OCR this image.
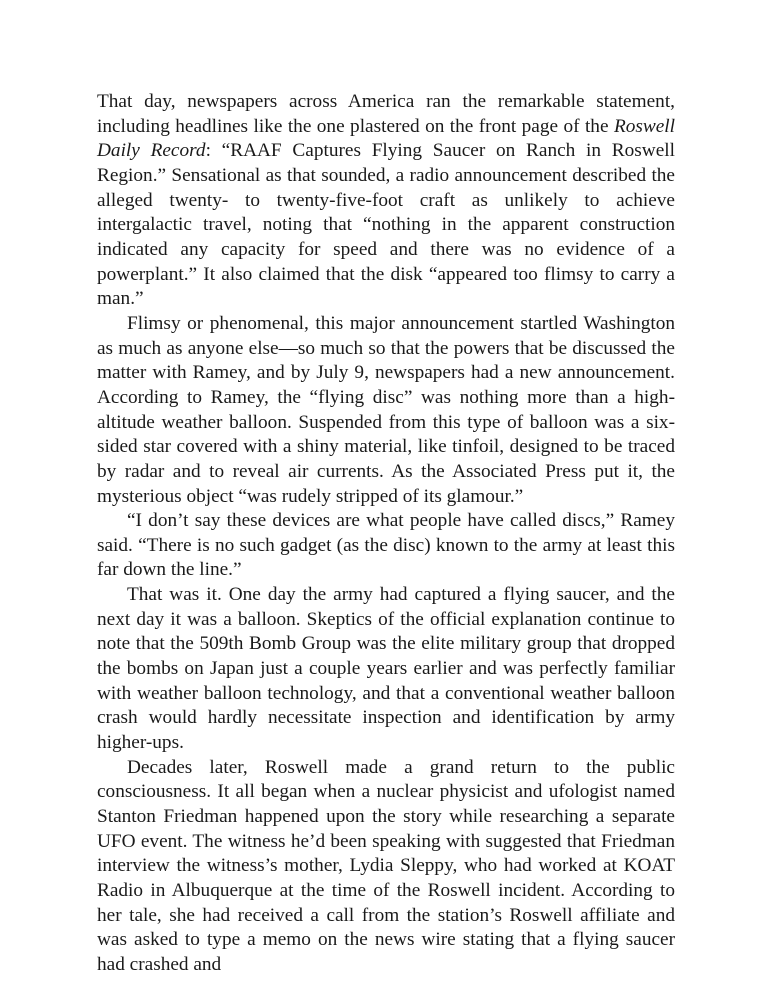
That day, newspapers across America ran the remarkable statement, including headlines like the one plastered on the front page of the Roswell Daily Record: “RAAF Captures Flying Saucer on Ranch in Roswell Region.” Sensational as that sounded, a radio announcement described the alleged twenty- to twenty-five-foot craft as unlikely to achieve intergalactic travel, noting that “nothing in the apparent construction indicated any capacity for speed and there was no evidence of a powerplant.” It also claimed that the disk “appeared too flimsy to carry a man.”

Flimsy or phenomenal, this major announcement startled Washington as much as anyone else—so much so that the powers that be discussed the matter with Ramey, and by July 9, newspapers had a new announcement. According to Ramey, the “flying disc” was nothing more than a high-altitude weather balloon. Suspended from this type of balloon was a six-sided star covered with a shiny material, like tinfoil, designed to be traced by radar and to reveal air currents. As the Associated Press put it, the mysterious object “was rudely stripped of its glamour.”

“I don’t say these devices are what people have called discs,” Ramey said. “There is no such gadget (as the disc) known to the army at least this far down the line.”

That was it. One day the army had captured a flying saucer, and the next day it was a balloon. Skeptics of the official explanation continue to note that the 509th Bomb Group was the elite military group that dropped the bombs on Japan just a couple years earlier and was perfectly familiar with weather balloon technology, and that a conventional weather balloon crash would hardly necessitate inspection and identification by army higher-ups.

Decades later, Roswell made a grand return to the public consciousness. It all began when a nuclear physicist and ufologist named Stanton Friedman happened upon the story while researching a separate UFO event. The witness he’d been speaking with suggested that Friedman interview the witness’s mother, Lydia Sleppy, who had worked at KOAT Radio in Albuquerque at the time of the Roswell incident. According to her tale, she had received a call from the station’s Roswell affiliate and was asked to type a memo on the news wire stating that a flying saucer had crashed and
